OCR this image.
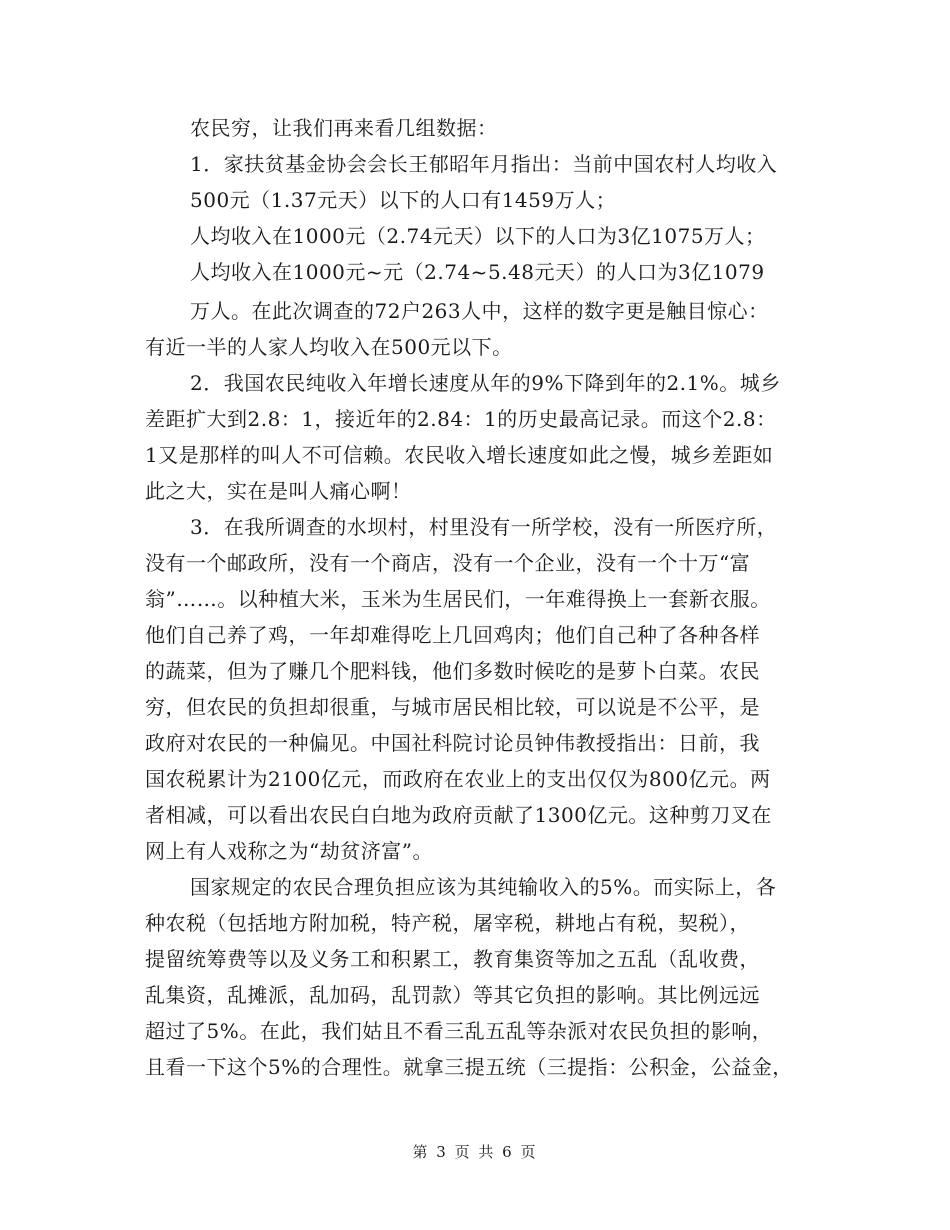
农民穷，让我们再来看几组数据：
1．家扶贫基金协会会长王郁昭年月指出：当前中国农村人均收入
500元（1.37元天）以下的人口有1459万人；
人均收入在1000元（2.74元天）以下的人口为3亿1075万人；
人均收入在1000元~元（2.74~5.48元天）的人口为3亿1079
万人。在此次调查的72户263人中，这样的数字更是触目惊心：
有近一半的人家人均收入在500元以下。
2．我国农民纯收入年增长速度从年的9%下降到年的2.1%。城乡
差距扩大到2.8：1，接近年的2.84：1的历史最高记录。而这个2.8：
1又是那样的叫人不可信赖。农民收入增长速度如此之慢，城乡差距如
此之大，实在是叫人痛心啊！
3．在我所调查的水坝村，村里没有一所学校，没有一所医疗所，
没有一个邮政所，没有一个商店，没有一个企业，没有一个十万“富
翁”……。以种植大米，玉米为生居民们，一年难得换上一套新衣服。
他们自己养了鸡，一年却难得吃上几回鸡肉；他们自己种了各种各样
的蔬菜，但为了赚几个肥料钱，他们多数时候吃的是萝卜白菜。农民
穷，但农民的负担却很重，与城市居民相比较，可以说是不公平，是
政府对农民的一种偏见。中国社科院讨论员钟伟教授指出：日前，我
国农税累计为2100亿元，而政府在农业上的支出仅仅为800亿元。两
者相减，可以看出农民白白地为政府贡献了1300亿元。这种剪刀叉在
网上有人戏称之为“劫贫济富”。
国家规定的农民合理负担应该为其纯输收入的5%。而实际上，各
种农税（包括地方附加税，特产税，屠宰税，耕地占有税，契税），
提留统筹费等以及义务工和积累工，教育集资等加之五乱（乱收费，
乱集资，乱摊派，乱加码，乱罚款）等其它负担的影响。其比例远远
超过了5%。在此，我们姑且不看三乱五乱等杂派对农民负担的影响，
且看一下这个5%的合理性。就拿三提五统（三提指：公积金，公益金，
第 3 页 共 6 页
